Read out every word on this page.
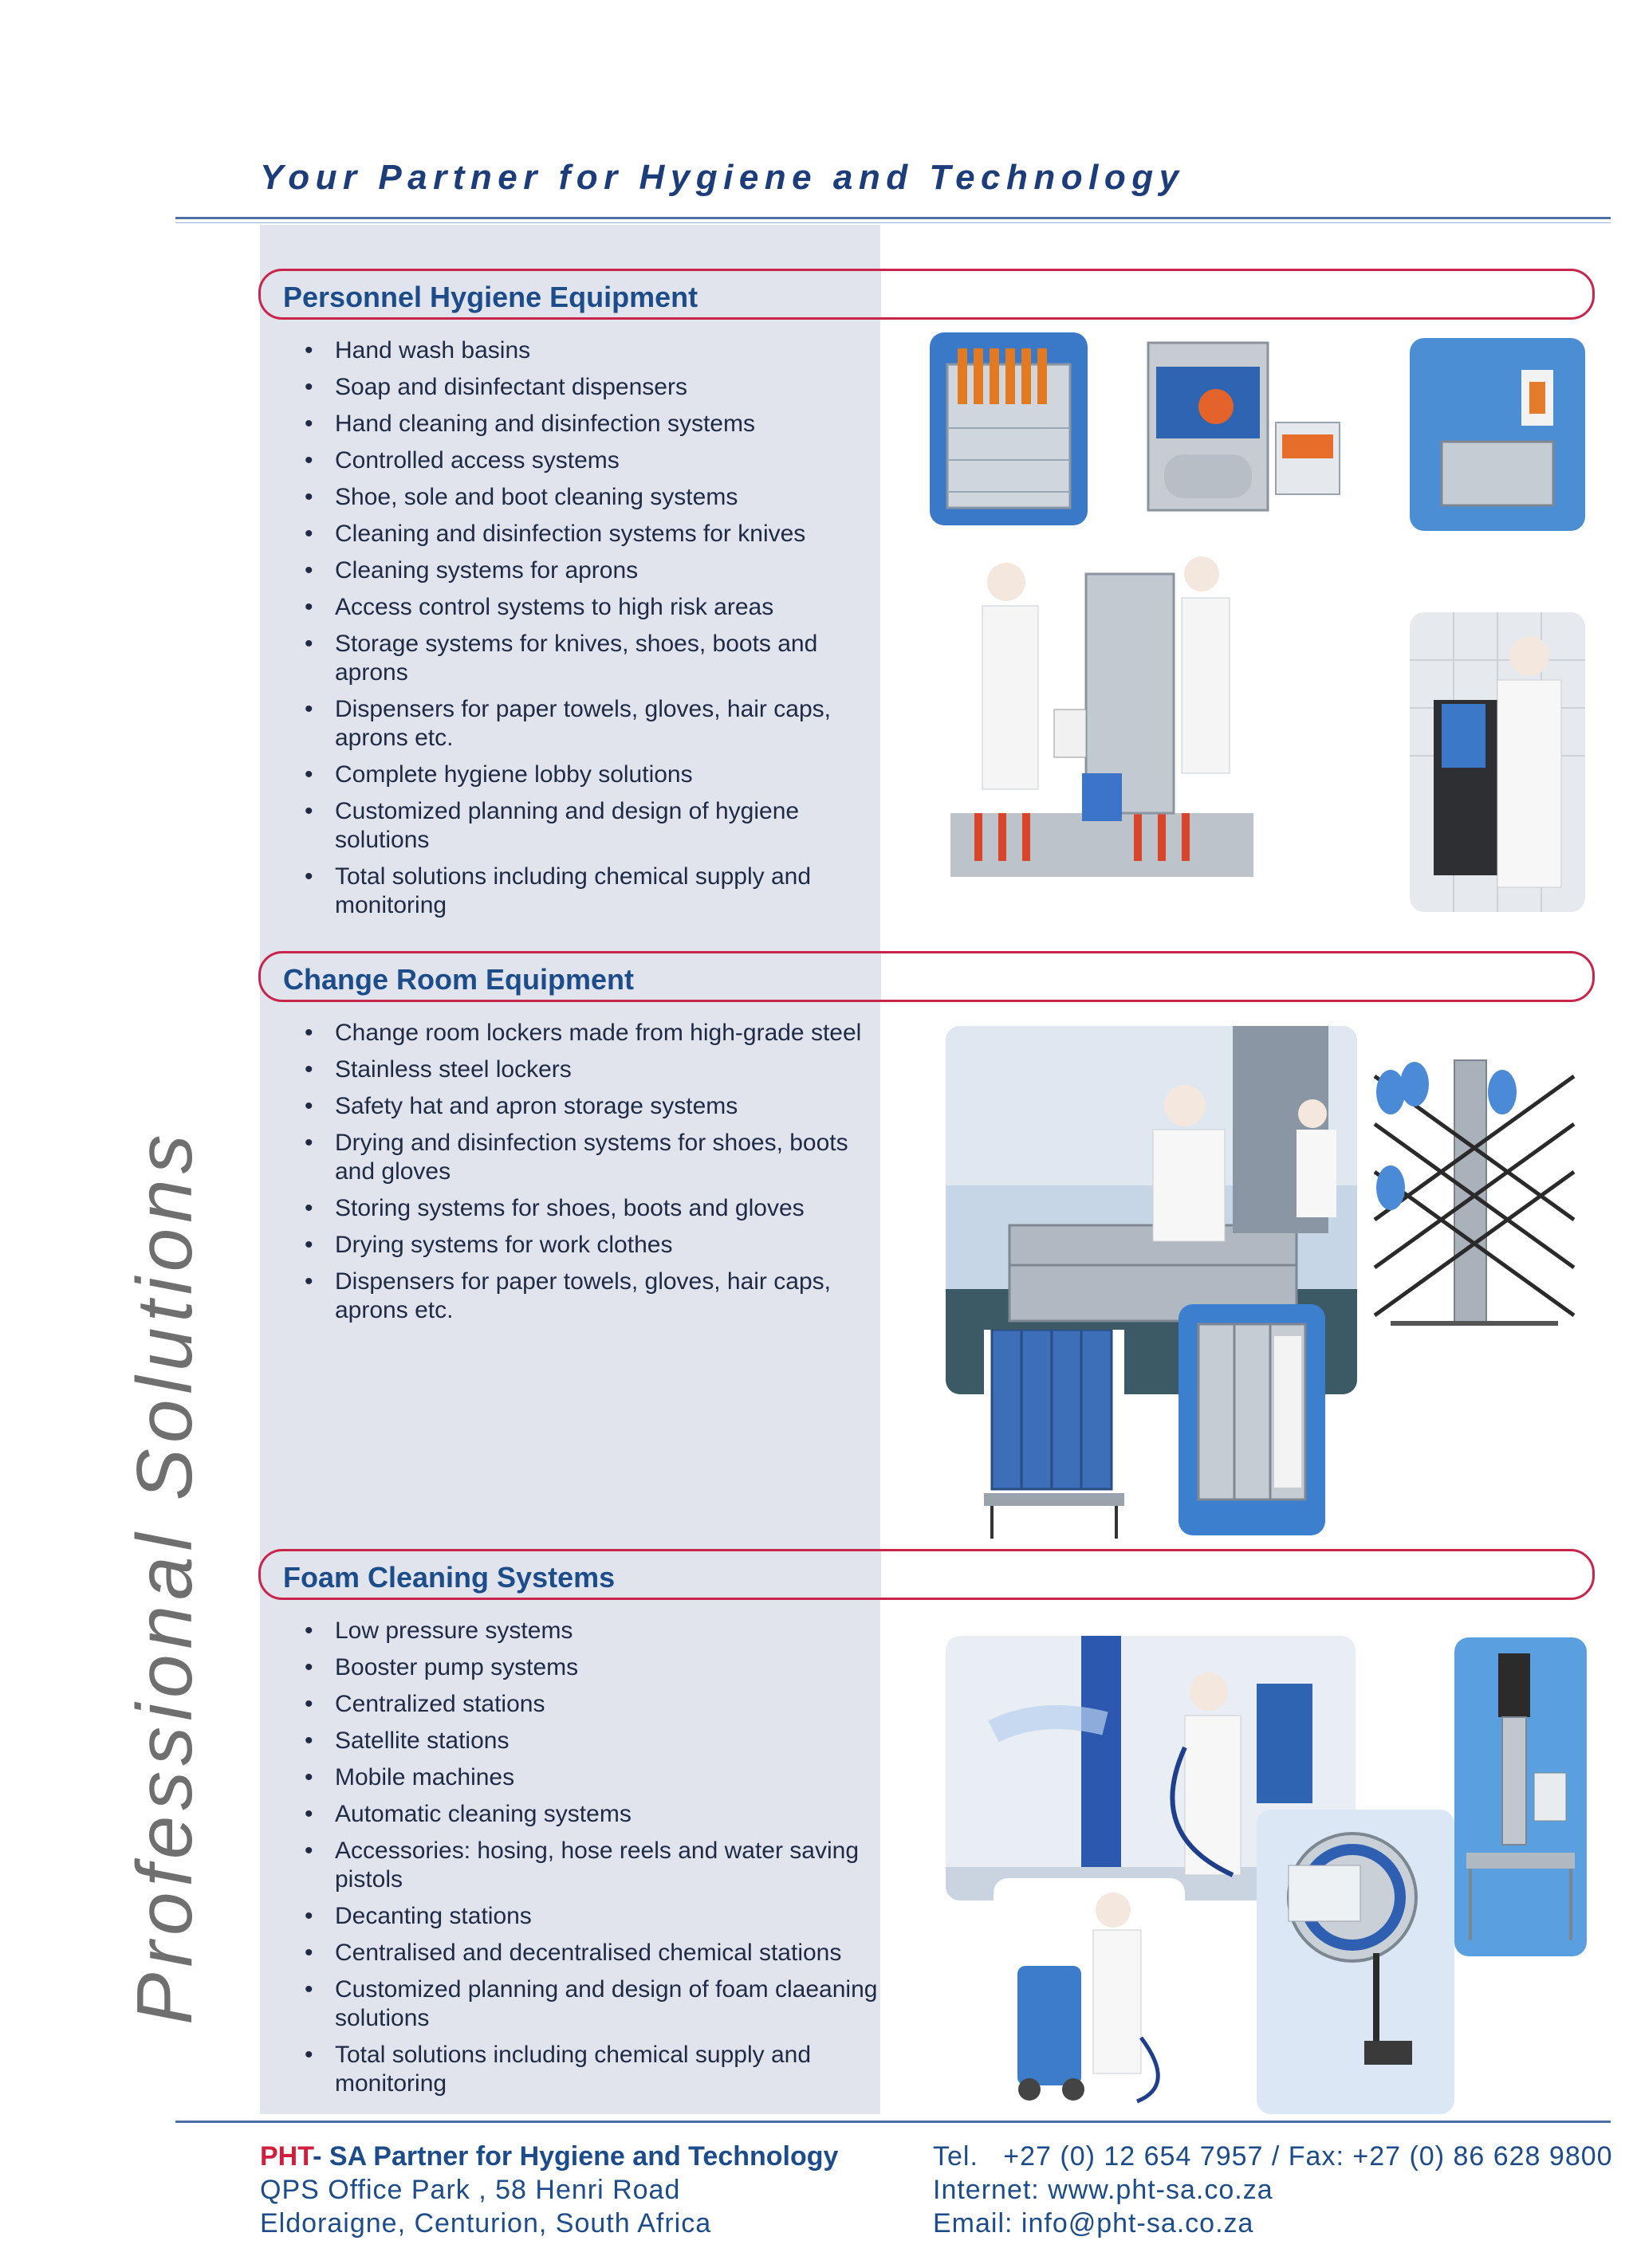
Your Partner for Hygiene and Technology
Professional Solutions
Personnel Hygiene Equipment
• Hand wash basins
• Soap and disinfectant dispensers
• Hand cleaning and disinfection systems
• Controlled access systems
• Shoe, sole and boot cleaning systems
• Cleaning and disinfection systems for knives
• Cleaning systems for aprons
• Access control systems to high risk areas
• Storage systems for knives, shoes, boots and aprons
• Dispensers for paper towels, gloves, hair caps, aprons etc.
• Complete hygiene lobby solutions
• Customized planning and design of hygiene solutions
• Total solutions including chemical supply and monitoring
Change Room Equipment
• Change room lockers made from high-grade steel
• Stainless steel lockers
• Safety hat and apron storage systems
• Drying and disinfection systems for shoes, boots and gloves
• Storing systems for shoes, boots and gloves
• Drying systems for work clothes
• Dispensers for paper towels, gloves, hair caps, aprons etc.
Foam Cleaning Systems
• Low pressure systems
• Booster pump systems
• Centralized stations
• Satellite stations
• Mobile machines
• Automatic cleaning systems
• Accessories: hosing, hose reels and water saving pistols
• Decanting stations
• Centralised and decentralised chemical stations
• Customized planning and design of foam claeaning solutions
• Total solutions including chemical supply and monitoring
PHT- SA Partner for Hygiene and Technology
QPS Office Park , 58 Henri Road
Eldoraigne, Centurion, South Africa
Tel.   +27 (0) 12 654 7957 / Fax: +27 (0) 86 628 9800
Internet: www.pht-sa.co.za
Email: info@pht-sa.co.za
